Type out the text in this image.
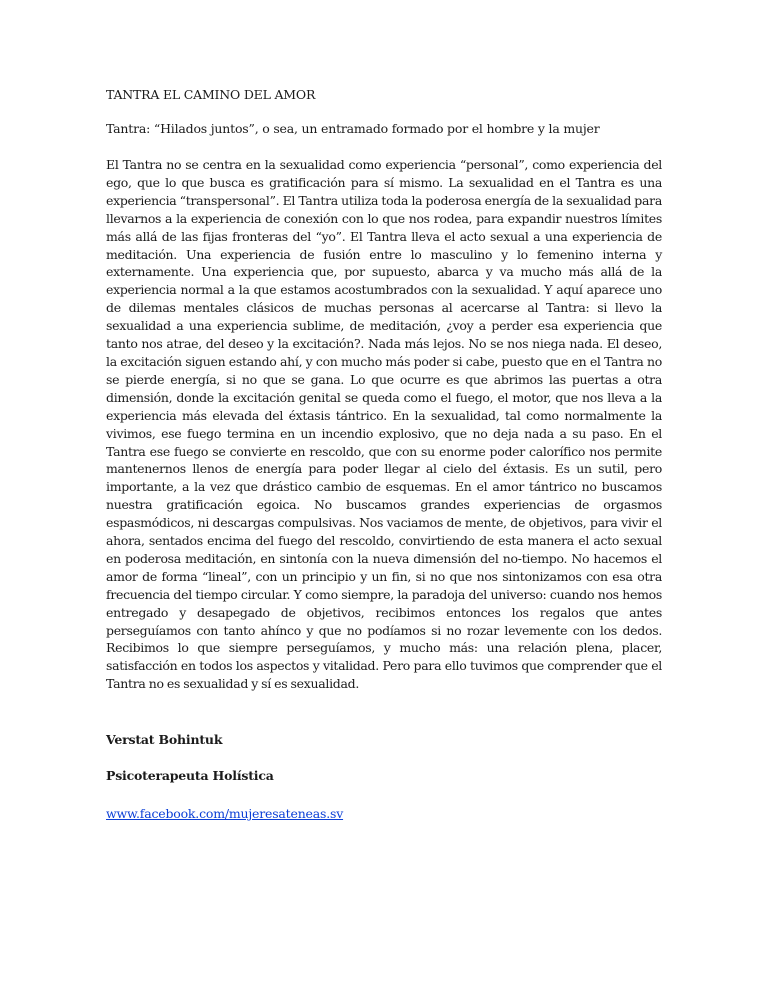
TANTRA EL CAMINO DEL AMOR
Tantra: “Hilados juntos”, o sea, un entramado formado por el hombre y la mujer

El Tantra no se centra en la sexualidad como experiencia “personal”, como experiencia del ego, que lo que busca es gratificación para sí mismo. La sexualidad en el Tantra es una experiencia “transpersonal”. El Tantra utiliza toda la poderosa energía de la sexualidad para llevarnos a la experiencia de conexión con lo que nos rodea, para expandir nuestros límites más allá de las fijas fronteras del “yo”. El Tantra lleva el acto sexual a una experiencia de meditación. Una experiencia de fusión entre lo masculino y lo femenino interna y externamente. Una experiencia que, por supuesto, abarca y va mucho más allá de la experiencia normal a la que estamos acostumbrados con la sexualidad. Y aquí aparece uno de dilemas mentales clásicos de muchas personas al acercarse al Tantra: si llevo la sexualidad a una experiencia sublime, de meditación, ¿voy a perder esa experiencia que tanto nos atrae, del deseo y la excitación?. Nada más lejos. No se nos niega nada. El deseo, la excitación siguen estando ahí, y con mucho más poder si cabe, puesto que en el Tantra no se pierde energía, si no que se gana. Lo que ocurre es que abrimos las puertas a otra dimensión, donde la excitación genital se queda como el fuego, el motor, que nos lleva a la experiencia más elevada del éxtasis tántrico. En la sexualidad, tal como normalmente la vivimos, ese fuego termina en un incendio explosivo, que no deja nada a su paso. En el Tantra ese fuego se convierte en rescoldo, que con su enorme poder calorífico nos permite mantenernos llenos de energía para poder llegar al cielo del éxtasis. Es un sutil, pero importante, a la vez que drástico cambio de esquemas. En el amor tántrico no buscamos nuestra gratificación egoica. No buscamos grandes experiencias de orgasmos espasmódicos, ni descargas compulsivas. Nos vaciamos de mente, de objetivos, para vivir el ahora, sentados encima del fuego del rescoldo, convirtiendo de esta manera el acto sexual en poderosa meditación, en sintonía con la nueva dimensión del no-tiempo. No hacemos el amor de forma “lineal”, con un principio y un fin, si no que nos sintonizamos con esa otra frecuencia del tiempo circular. Y como siempre, la paradoja del universo: cuando nos hemos entregado y desapegado de objetivos, recibimos entonces los regalos que antes perseguíamos con tanto ahínco y que no podíamos si no rozar levemente con los dedos. Recibimos lo que siempre perseguíamos, y mucho más: una relación plena, placer, satisfacción en todos los aspectos y vitalidad. Pero para ello tuvimos que comprender que el Tantra no es sexualidad y sí es sexualidad.

Verstat Bohintuk
Psicoterapeuta Holística
www.facebook.com/mujeresateneas.sv
